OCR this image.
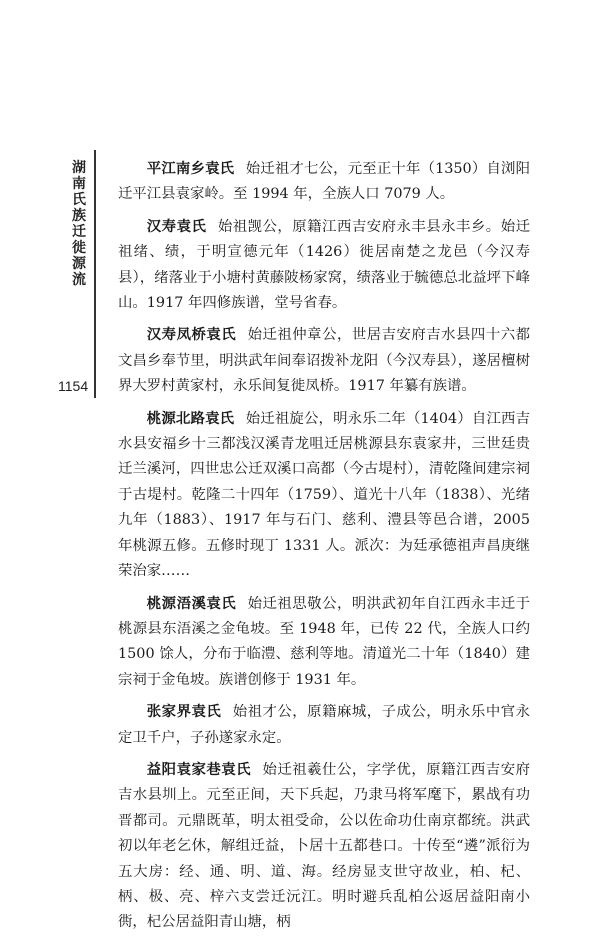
湖南氏族迁徙源流
1154

平江南乡袁氏 始迁祖才七公，元至正十年（1350）自浏阳迁平江县袁家岭。至 1994 年，全族人口 7079 人。

汉寿袁氏 始祖觊公，原籍江西吉安府永丰县永丰乡。始迁祖绪、绩，于明宣德元年（1426）徙居南楚之龙邑（今汉寿县），绪落业于小塘村黄藤陂杨家窝，绩落业于毓德总北益坪下峰山。1917 年四修族谱，堂号省春。

汉寿凤桥袁氏 始迁祖仲章公，世居吉安府吉水县四十六都文昌乡奉节里，明洪武年间奉诏拨补龙阳（今汉寿县），遂居檀树界大罗村黄家村，永乐间复徙凤桥。1917 年纂有族谱。

桃源北路袁氏 始迁祖旋公，明永乐二年（1404）自江西吉水县安福乡十三都浅汉溪青龙咀迁居桃源县东袁家井，三世廷贵迁兰溪河，四世忠公迁双溪口高都（今古堤村），清乾隆间建宗祠于古堤村。乾隆二十四年（1759）、道光十八年（1838）、光绪九年（1883）、1917 年与石门、慈利、澧县等邑合谱，2005 年桃源五修。五修时现丁 1331 人。派次：为廷承德祖声昌庚继荣治家……

桃源浯溪袁氏 始迁祖思敬公，明洪武初年自江西永丰迁于桃源县东浯溪之金龟坡。至 1948 年，已传 22 代，全族人口约 1500 馀人，分布于临澧、慈利等地。清道光二十年（1840）建宗祠于金龟坡。族谱创修于 1931 年。

张家界袁氏 始祖才公，原籍麻城，子成公，明永乐中官永定卫千户，子孙遂家永定。

益阳袁家巷袁氏 始迁祖羲仕公，字学优，原籍江西吉安府吉水县圳上。元至正间，天下兵起，乃隶马将军麾下，累战有功晋都司。元鼎既革，明太祖受命，公以佐命功仕南京都统。洪武初以年老乞休，解组迁益，卜居十五都巷口。十传至“遴”派衍为五大房：经、通、明、道、海。经房显支世守故业，柏、杞、柄、极、亮、梓六支尝迁沅江。明时避兵乱柏公返居益阳南小衖，杞公居益阳青山塘，柄
